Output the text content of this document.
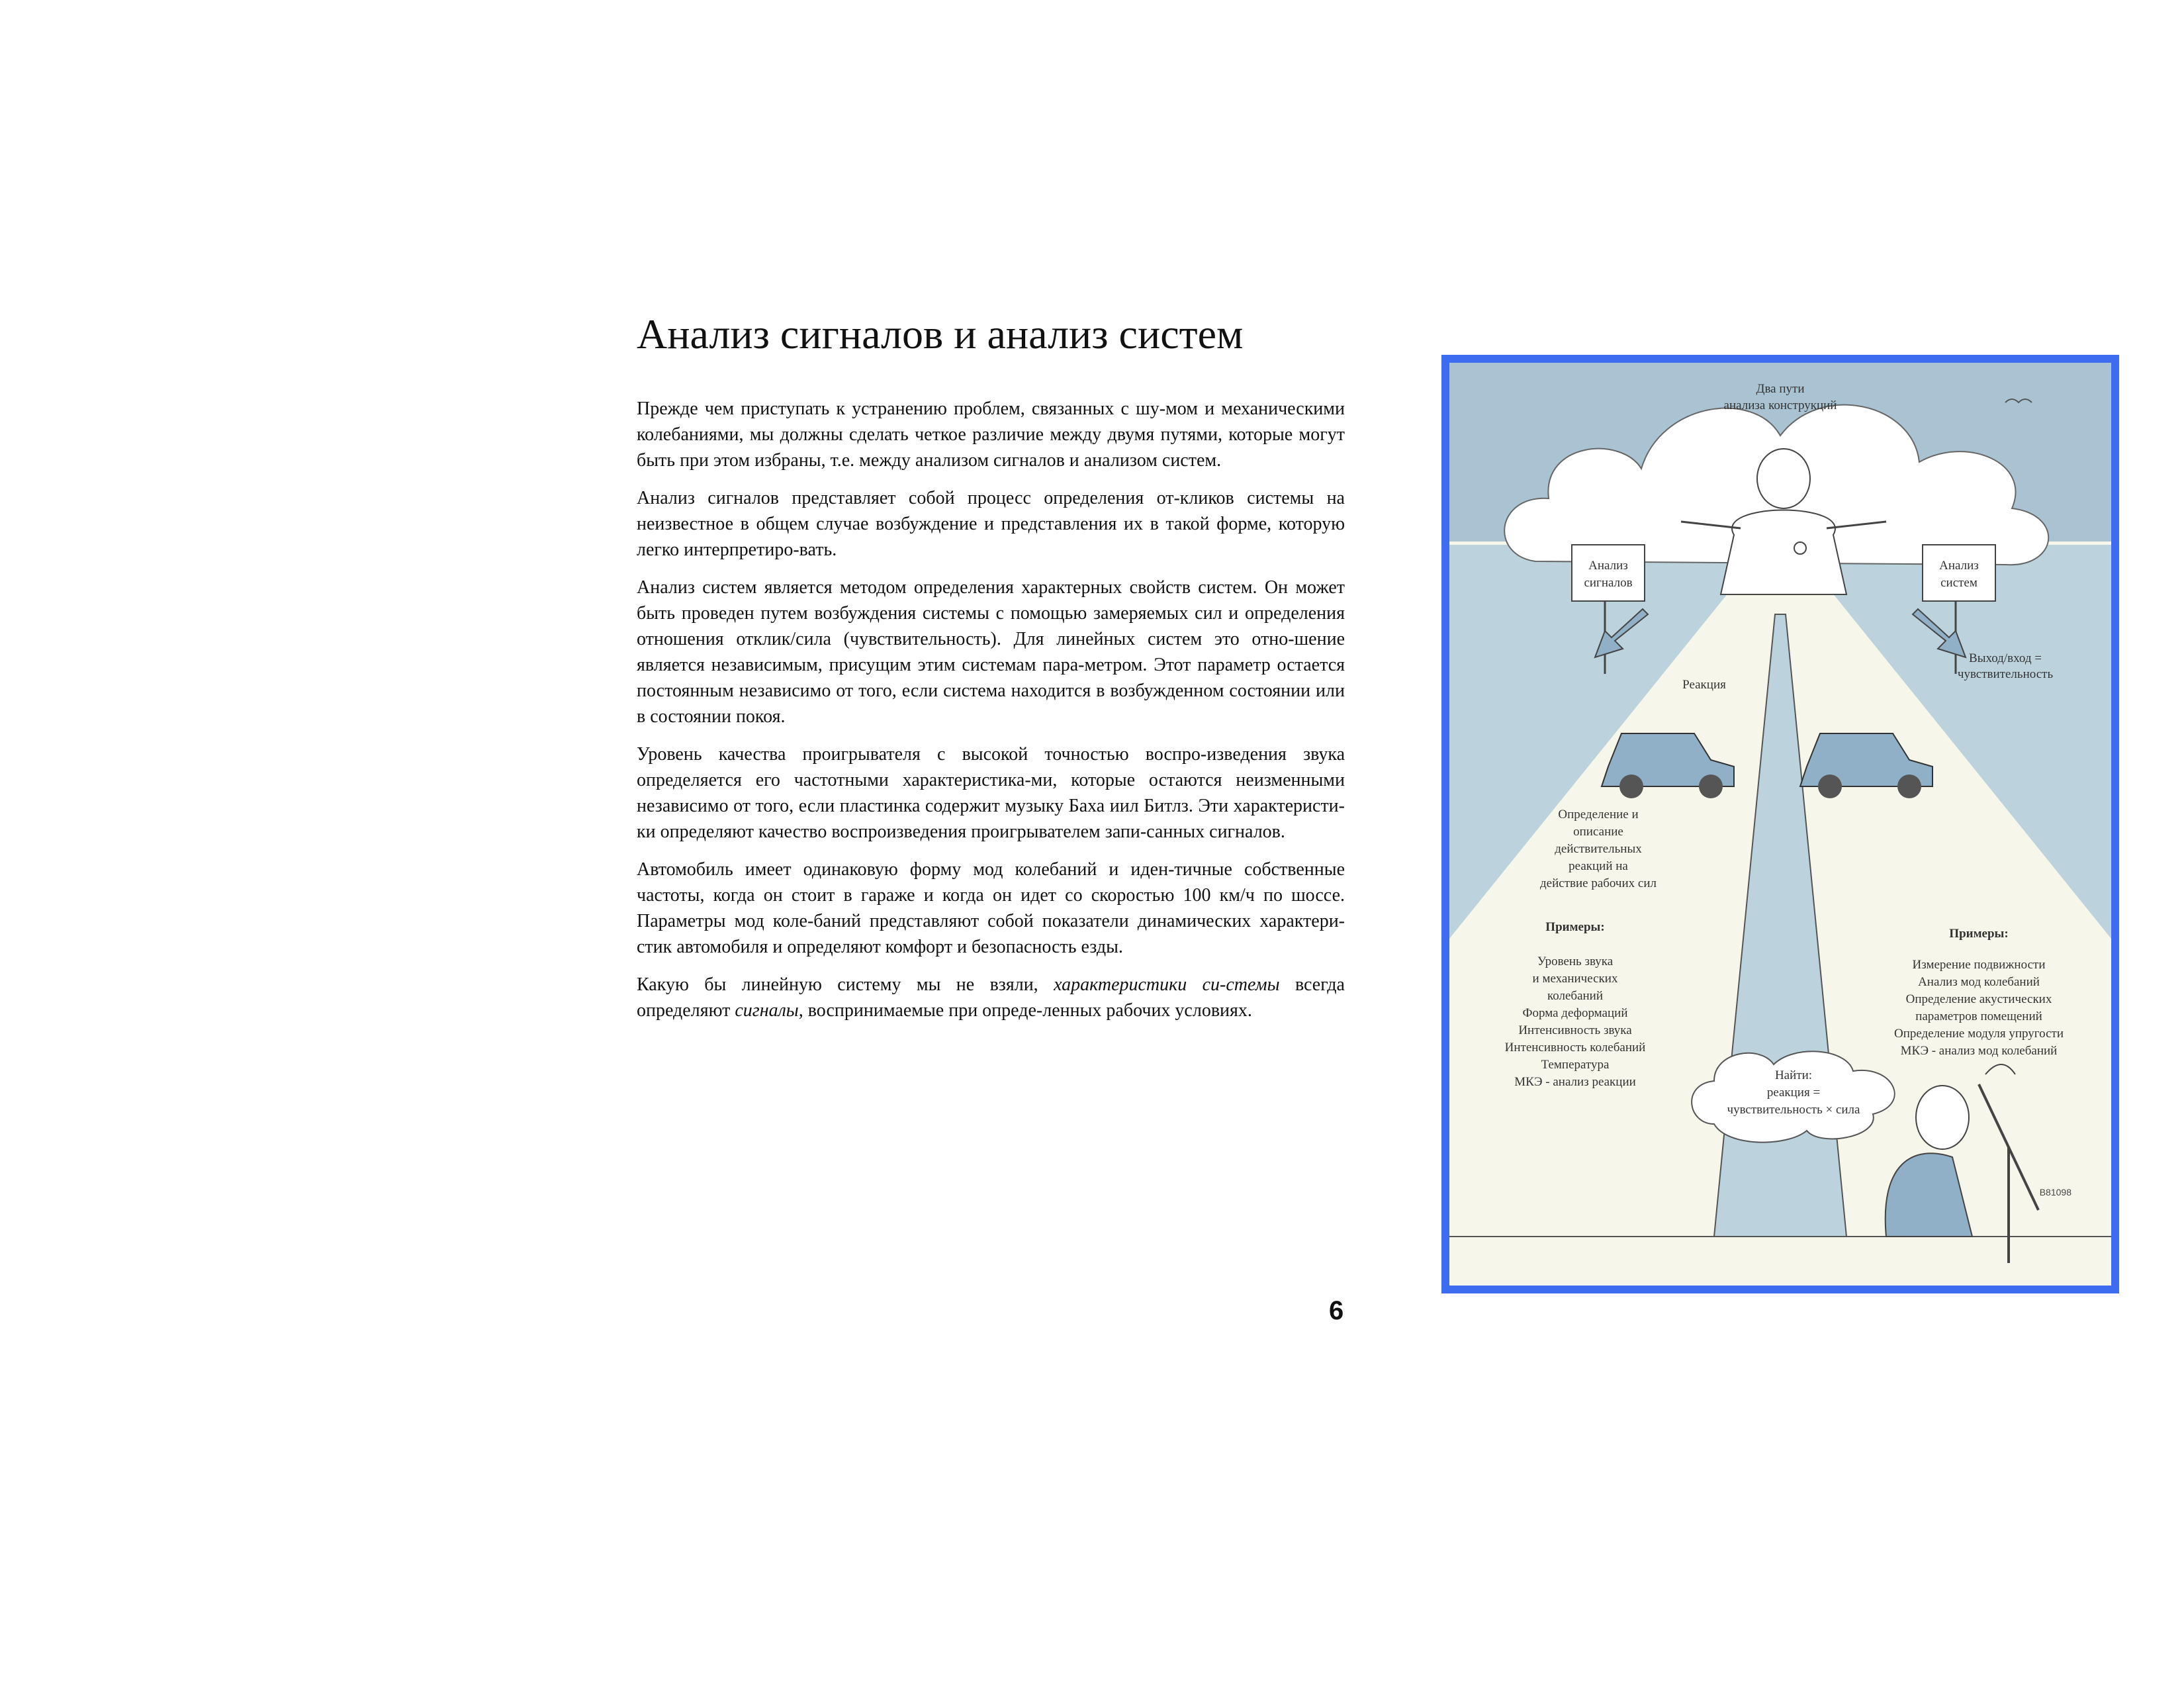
Анализ сигналов и анализ систем

Прежде чем приступать к устранению проблем, связанных с шу-мом и механическими колебаниями, мы должны сделать четкое различие между двумя путями, которые могут быть при этом избраны, т.е. между анализом сигналов и анализом систем.

Анализ сигналов представляет собой процесс определения от-кликов системы на неизвестное в общем случае возбуждение и представления их в такой форме, которую легко интерпретиро-вать.

Анализ систем является методом определения характерных свойств систем. Он может быть проведен путем возбуждения системы с помощью замеряемых сил и определения отношения отклик/сила (чувствительность). Для линейных систем это отно-шение является независимым, присущим этим системам пара-метром. Этот параметр остается постоянным независимо от того, если система находится в возбужденном состоянии или в состоянии покоя.

Уровень качества проигрывателя с высокой точностью воспро-изведения звука определяется его частотными характеристика-ми, которые остаются неизменными независимо от того, если пластинка содержит музыку Баха иил Битлз. Эти характеристи-ки определяют качество воспроизведения проигрывателем запи-санных сигналов.

Автомобиль имеет одинаковую форму мод колебаний и иден-тичные собственные частоты, когда он стоит в гараже и когда он идет со скоростью 100 км/ч по шоссе. Параметры мод коле-баний представляют собой показатели динамических характери-стик автомобиля и определяют комфорт и безопасность езды.

Какую бы линейную систему мы не взяли, характеристики си-стемы всегда определяют сигналы, воспринимаемые при опреде-ленных рабочих условиях.

6
Анализ
сигналов
Анализ
систем
Два пути
анализа конструкций
Реакция
Выход/вход =
чувствительность
Определение и
описание
действительных
реакций на
действие рабочих сил
Примеры:
Уровень звука
и механических
колебаний
Форма деформаций
Интенсивность звука
Интенсивность колебаний
Температура
МКЭ - анализ реакции
Примеры:
Измерение подвижности
Анализ мод колебаний
Определение акустических
параметров помещений
Определение модуля упругости
МКЭ - анализ мод колебаний
Найти:
реакция =
чувствительность × сила
B81098
